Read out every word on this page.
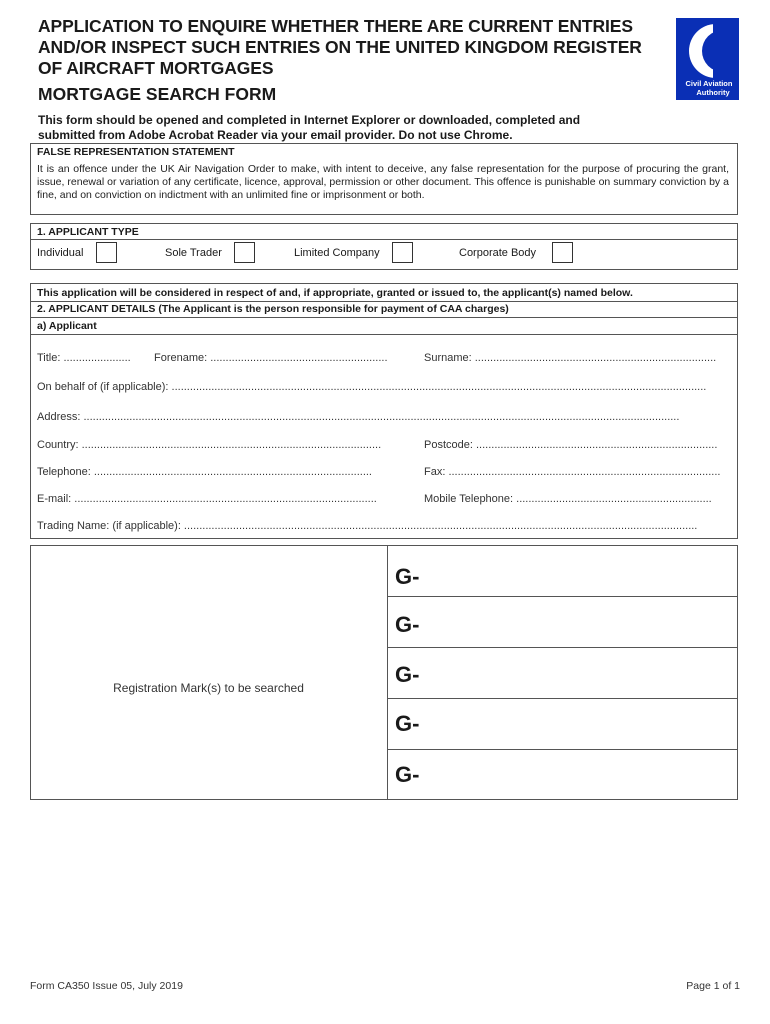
APPLICATION TO ENQUIRE WHETHER THERE ARE CURRENT ENTRIES
AND/OR INSPECT SUCH ENTRIES ON THE UNITED KINGDOM REGISTER
OF AIRCRAFT MORTGAGES
MORTGAGE SEARCH FORM
This form should be opened and completed in Internet Explorer or downloaded, completed and
submitted from Adobe Acrobat Reader via your email provider. Do not use Chrome.
Civil Aviation
Authority
FALSE REPRESENTATION STATEMENT
It is an offence under the UK Air Navigation Order to make, with intent to deceive, any false representation for the purpose of procuring the grant, issue, renewal or variation of any certificate, licence, approval, permission or other document. This offence is punishable on summary conviction by a fine, and on conviction on indictment with an unlimited fine or imprisonment or both.
1. APPLICANT TYPE
Individual	Sole Trader	Limited Company	Corporate Body
This application will be considered in respect of and, if appropriate, granted or issued to, the applicant(s) named below.
2. APPLICANT DETAILS (The Applicant is the person responsible for payment of CAA charges)
a) Applicant
Title: ...................... Forename: ..........................................................	Surname: ...............................................................................
On behalf of (if applicable): ...............................................................................................................................................................................
Address: ...................................................................................................................................................................................................
Country: ..................................................................................................	Postcode: ...............................................................................
Telephone: ...........................................................................................	Fax: .........................................................................................
E-mail: ...................................................................................................	Mobile Telephone: ................................................................
Trading Name: (if applicable): ........................................................................................................................................................................
Registration Mark(s) to be searched
G-
G-
G-
G-
G-
Form CA350 Issue 05, July 2019	Page 1 of 1
